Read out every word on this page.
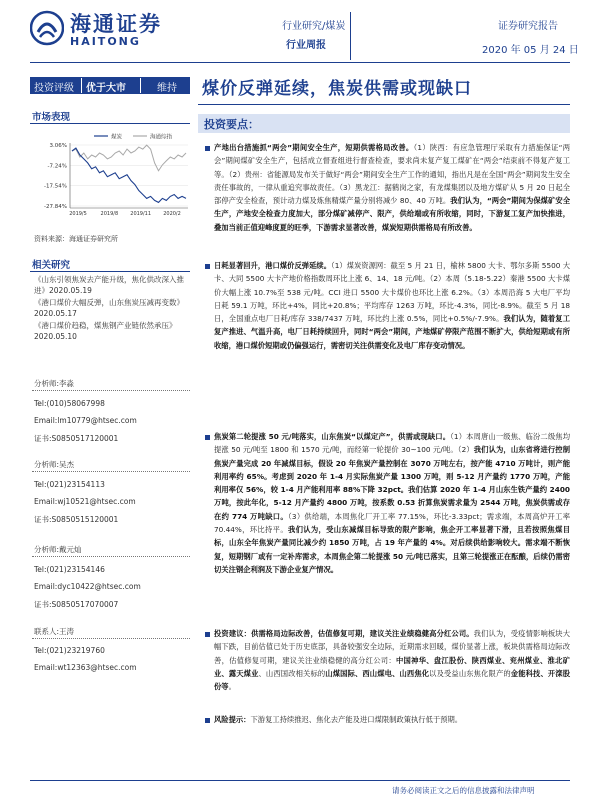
海通证券
HAITONG
行业研究/煤炭
行业周报
证券研究报告
2020 年 05 月 24 日
投资评级 优于大市	维持 煤价反弹延续，焦炭供需或现缺口
市场表现
煤炭	海通综指
3.06%
-7.24%
-17.54%
-27.84%
2019/5	2019/8 2019/11 2020/2
资料来源：海通证券研究所
相关研究
《山东引领焦炭去产能升级，焦化供改深入推进》2020.05.19
《港口煤价大幅反弹，山东焦炭压减再变数》2020.05.17
《港口煤价趋稳，煤焦钢产业链依然承压》2020.05.10
分析师:李淼
Tel:(010)58067998
Email:lm10779@htsec.com
证书:S0850517120001
分析师:吴杰
Tel:(021)23154113
Email:wj10521@htsec.com
证书:S0850515120001
分析师:戴元灿
Tel:(021)23154146
Email:dyc10422@htsec.com
证书:S0850517070007
联系人:王涛
Tel:(021)23219760
Email:wt12363@htsec.com
投资要点：
产地出台措施抓“两会”期间安全生产，短期供需格局改善。（1）陕西：有应急管理厅采取有力措施保证“两会”期间煤矿安全生产，包括成立督查组进行督查检查，要求尚未复产复工煤矿在“两会”结束前不得复产复工等。（2）贵州：省能源局发布关于做好“两会”期间安全生产工作的通知，指出凡是在全国“两会”期间发生安全责任事故的，一律从重追究事故责任。（3）黑龙江：据鹤岗之家，有龙煤集团以及地方煤矿从 5 月 20 日起全部停产安全检查，预计动力煤及炼焦精煤产量分别将减少 80、40 万吨。我们认为，“两会”期间为保煤矿安全生产，产地安全检查力度加大，部分煤矿减停产、限产，供给端或有所收缩，同时，下游复工复产加快推进，叠加当前正值迎峰度夏的旺季，下游需求显著改善，煤炭短期供需格局有所改善。
日耗显著回升，港口煤价反弹延续。（1）煤炭资源网：截至 5 月 21 日，榆林 5800 大卡、鄂尔多斯 5500 大卡、大同 5500 大卡产地价格指数周环比上涨 6、14、18 元/吨。（2）本周（5.18-5.22）秦港 5500 大卡煤价大幅上涨 10.7%至 538 元/吨。CCI 进口 5500 大卡煤价也环比上涨 6.2%。（3）本周沿海 5 大电厂平均日耗 59.1 万吨，环比+4%，同比+20.8%；平均库存 1263 万吨，环比-4.3%，同比-8.9%。截至 5 月 18 日，全国重点电厂日耗/库存 338/7437 万吨，环比约上涨 0.5%，同比+0.5%/-7.9%。我们认为，随着复工复产推进、气温升高，电厂日耗持续回升，同时“两会”期间，产地煤矿停限产范围不断扩大，供给短期或有所收缩，港口煤价短期或仍偏强运行，需密切关注供需变化及电厂库存变动情况。
焦炭第二轮提涨 50 元/吨落实，山东焦炭“以煤定产”，供需或现缺口。（1）本周唐山一级焦、临汾二级焦均提涨 50 元/吨至 1800 和 1570 元/吨，而经第一轮提价 30~100 元/吨。（2）我们认为，山东省将进行控制焦炭产量完成 20 年减煤目标，假设 20 年焦炭产量控制在 3070 万吨左右，按产能 4710 万吨计，则产能利用率约 65%。考虑到 2020 年 1-4 月实际焦炭产量 1300 万吨，则 5-12 月产量约 1770 万吨，产能利用率仅 56%，较 1-4 月产能利用率 88%下降 32pct。我们估算 2020 年 1-4 月山东生铁产量约 2400 万吨，按此年化，5-12 月产量约 4800 万吨，按系数 0.53 折算焦炭需求量为 2544 万吨，焦炭供需或存在约 774 万吨缺口。（3）供给端，本周焦化厂开工率 77.15%，环比-3.33pct；需求端，本周高炉开工率 70.44%，环比持平。我们认为，受山东减煤目标导致的限产影响，焦企开工率显著下滑，且若按照焦煤目标，山东全年焦炭产量同比减少约 1850 万吨，占 19 年产量的 4%。对后续供给影响较大。需求端不断恢复，短期钢厂或有一定补库需求，本周焦企第二轮提涨 50 元/吨已落实，且第三轮提涨正在酝酿，后续仍需密切关注钢企利润及下游企业复产情况。
投资建议：供需格局边际改善，估值修复可期，建议关注业绩稳健高分红公司。我们认为，受疫情影响板块大幅下跌，目前估值已处于历史底部，具备较强安全边际，近期需求回暖，煤价显著上涨，板块供需格局边际改善，估值修复可期，建议关注业绩稳健的高分红公司：中国神华、盘江股份、陕西煤业、兖州煤业、淮北矿业、露天煤业、山西国改相关标的山煤国际、西山煤电、山西焦化以及受益山东焦化限产的金能科技、开滦股份等。
风险提示：下游复工持续推迟、焦化去产能及进口煤限制政策执行低于预期。
请务必阅读正文之后的信息披露和法律声明
